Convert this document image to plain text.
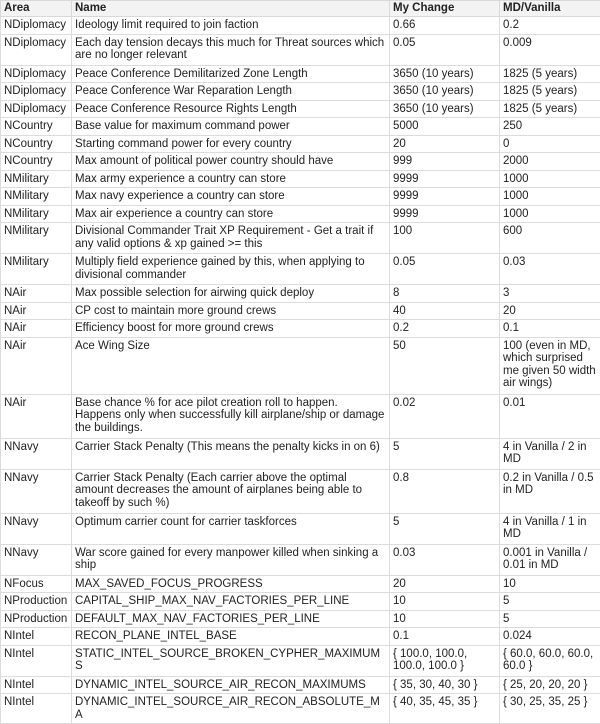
Area	Name	My Change	MD/Vanilla
NDiplomacy	Ideology limit required to join faction	0.66	0.2
NDiplomacy	Each day tension decays this much for Threat sources which are no longer relevant	0.05	0.009
NDiplomacy	Peace Conference Demilitarized Zone Length	3650 (10 years)	1825 (5 years)
NDiplomacy	Peace Conference War Reparation Length	3650 (10 years)	1825 (5 years)
NDiplomacy	Peace Conference Resource Rights Length	3650 (10 years)	1825 (5 years)
NCountry	Base value for maximum command power	5000	250
NCountry	Starting command power for every country	20	0
NCountry	Max amount of political power country should have	999	2000
NMilitary	Max army experience a country can store	9999	1000
NMilitary	Max navy experience a country can store	9999	1000
NMilitary	Max air experience a country can store	9999	1000
NMilitary	Divisional Commander Trait XP Requirement - Get a trait if any valid options & xp gained >= this	100	600
NMilitary	Multiply field experience gained by this, when applying to divisional commander	0.05	0.03
NAir	Max possible selection for airwing quick deploy	8	3
NAir	CP cost to maintain more ground crews	40	20
NAir	Efficiency boost for more ground crews	0.2	0.1
NAir	Ace Wing Size	50	100 (even in MD, which surprised me given 50 width air wings)
NAir	Base chance % for ace pilot creation roll to happen. Happens only when successfully kill airplane/ship or damage the buildings.	0.02	0.01
NNavy	Carrier Stack Penalty (This means the penalty kicks in on 6)	5	4 in Vanilla / 2 in MD
NNavy	Carrier Stack Penalty (Each carrier above the optimal amount decreases the amount of airplanes being able to takeoff by such %)	0.8	0.2 in Vanilla / 0.5 in MD
NNavy	Optimum carrier count for carrier taskforces	5	4 in Vanilla / 1 in MD
NNavy	War score gained for every manpower killed when sinking a ship	0.03	0.001 in Vanilla / 0.01 in MD
NFocus	MAX_SAVED_FOCUS_PROGRESS	20	10
NProduction	CAPITAL_SHIP_MAX_NAV_FACTORIES_PER_LINE	10	5
NProduction	DEFAULT_MAX_NAV_FACTORIES_PER_LINE	10	5
NIntel	RECON_PLANE_INTEL_BASE	0.1	0.024
NIntel	STATIC_INTEL_SOURCE_BROKEN_CYPHER_MAXIMUMS	{ 100.0, 100.0, 100.0, 100.0 }	{ 60.0, 60.0, 60.0, 60.0 }
NIntel	DYNAMIC_INTEL_SOURCE_AIR_RECON_MAXIMUMS	{ 35, 30, 40, 30 }	{ 25, 20, 20, 20 }
NIntel	DYNAMIC_INTEL_SOURCE_AIR_RECON_ABSOLUTE_MA	{ 40, 35, 45, 35 }	{ 30, 25, 35, 25 }
